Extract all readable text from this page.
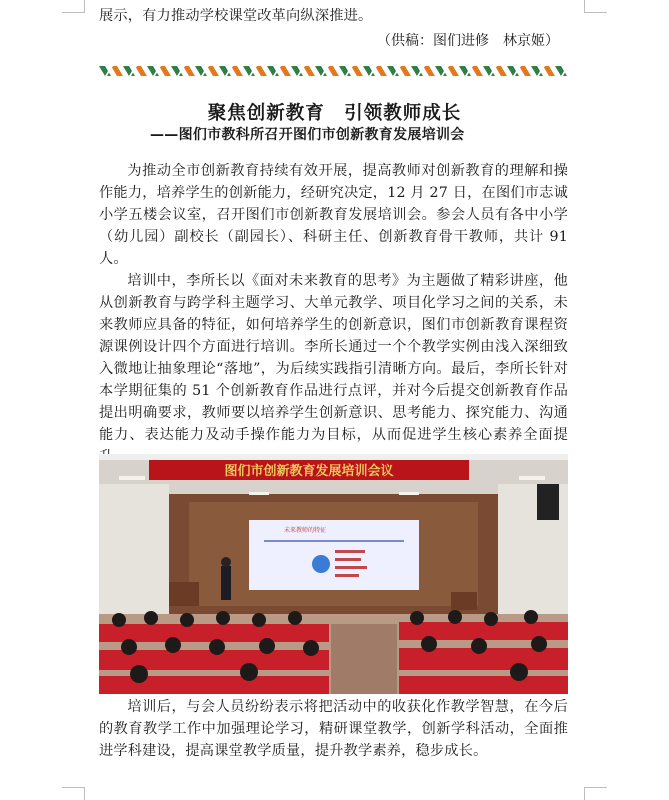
展示，有力推动学校课堂改革向纵深推进。

（供稿：图们进修　林京姬）
聚焦创新教育　引领教师成长
——图们市教科所召开图们市创新教育发展培训会

为推动全市创新教育持续有效开展，提高教师对创新教育的理解和操作能力，培养学生的创新能力，经研究决定，12 月 27 日，在图们市志诚小学五楼会议室，召开图们市创新教育发展培训会。参会人员有各中小学（幼儿园）副校长（副园长）、科研主任、创新教育骨干教师，共计 91 人。

培训中，李所长以《面对未来教育的思考》为主题做了精彩讲座，他从创新教育与跨学科主题学习、大单元教学、项目化学习之间的关系，未来教师应具备的特征，如何培养学生的创新意识，图们市创新教育课程资源课例设计四个方面进行培训。李所长通过一个个教学实例由浅入深细致入微地让抽象理论“落地”，为后续实践指引清晰方向。最后，李所长针对本学期征集的 51 个创新教育作品进行点评，并对今后提交创新教育作品提出明确要求，教师要以培养学生创新意识、思考能力、探究能力、沟通能力、表达能力及动手操作能力为目标，从而促进学生核心素养全面提

图们市创新教育发展培训会议
未来教师的特征

培训后，与会人员纷纷表示将把活动中的收获化作教学智慧，在今后的教育教学工作中加强理论学习，精研课堂教学，创新学科活动，全面推进学科建设，提高课堂教学质量，提升教学素养，稳步成长。
